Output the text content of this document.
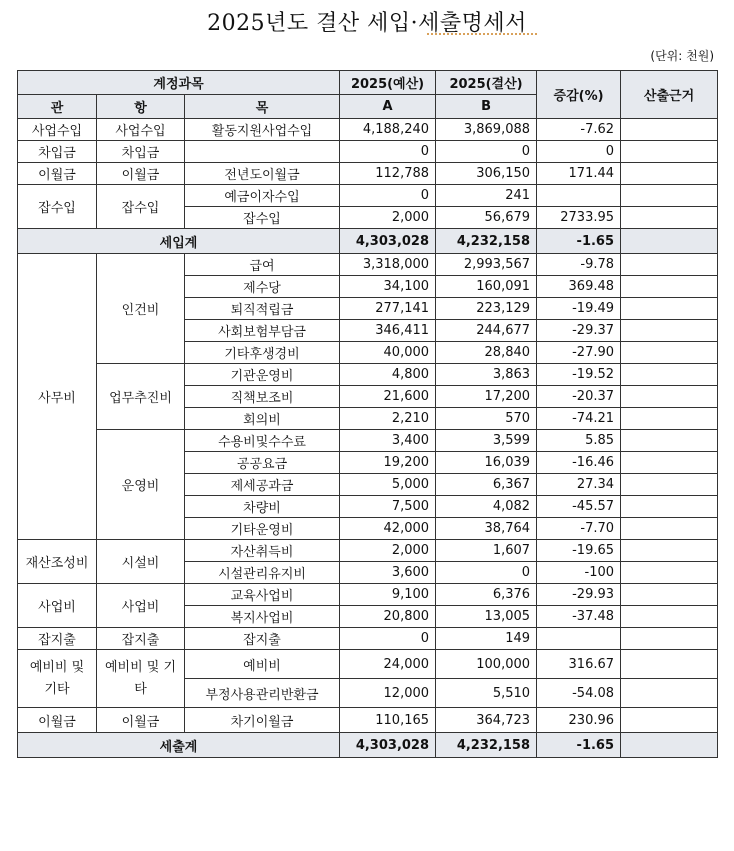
2025년도 결산 세입·세출명세서
(단위: 천원)
계정과목			2025(예산)	2025(결산)	증감(%)	산출근거
관	항	목	A	B		
사업수입	사업수입	활동지원사업수입	4,188,240	3,869,088	-7.62	
차입금	차입금		0	0	0	
이월금	이월금	전년도이월금	112,788	306,150	171.44	
잡수입	잡수입	예금이자수입	0	241		
		잡수입	2,000	56,679	2733.95	
세입계			4,303,028	4,232,158	-1.65	
사무비	인건비	급여	3,318,000	2,993,567	-9.78	
		제수당	34,100	160,091	369.48	
		퇴직적립금	277,141	223,129	-19.49	
		사회보험부담금	346,411	244,677	-29.37	
		기타후생경비	40,000	28,840	-27.90	
	업무추진비	기관운영비	4,800	3,863	-19.52	
		직책보조비	21,600	17,200	-20.37	
		회의비	2,210	570	-74.21	
	운영비	수용비및수수료	3,400	3,599	5.85	
		공공요금	19,200	16,039	-16.46	
		제세공과금	5,000	6,367	27.34	
		차량비	7,500	4,082	-45.57	
		기타운영비	42,000	38,764	-7.70	
재산조성비	시설비	자산취득비	2,000	1,607	-19.65	
		시설관리유지비	3,600	0	-100	
사업비	사업비	교육사업비	9,100	6,376	-29.93	
		복지사업비	20,800	13,005	-37.48	
잡지출	잡지출	잡지출	0	149		
예비비 및 기타	예비비 및 기타	예비비	24,000	100,000	316.67	
		부정사용관리반환금	12,000	5,510	-54.08	
이월금	이월금	차기이월금	110,165	364,723	230.96	
세출계			4,303,028	4,232,158	-1.65	
